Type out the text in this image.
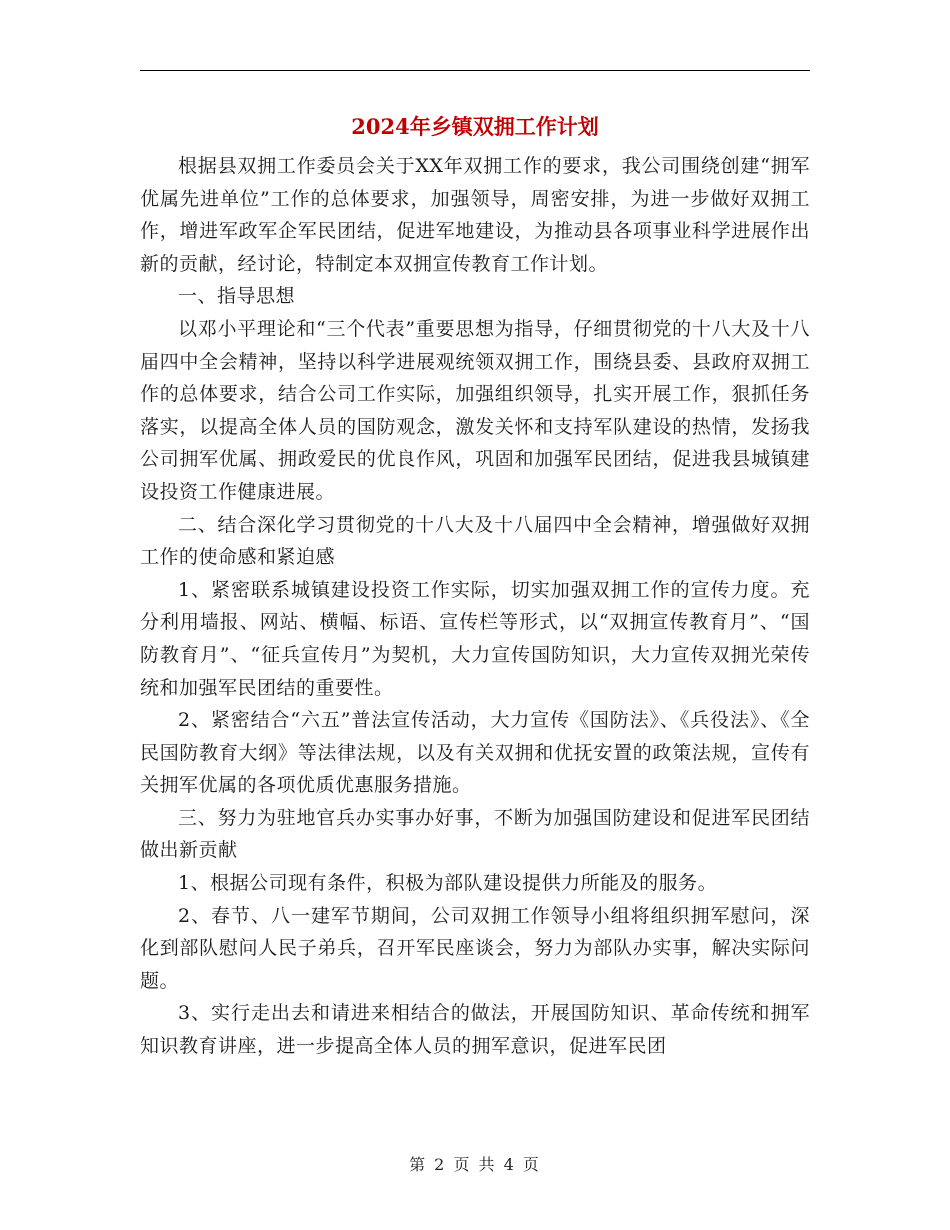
2024年乡镇双拥工作计划

根据县双拥工作委员会关于XX年双拥工作的要求，我公司围绕创建“拥军优属先进单位”工作的总体要求，加强领导，周密安排，为进一步做好双拥工作，增进军政军企军民团结，促进军地建设，为推动县各项事业科学进展作出新的贡献，经讨论，特制定本双拥宣传教育工作计划。

一、指导思想

以邓小平理论和“三个代表”重要思想为指导，仔细贯彻党的十八大及十八届四中全会精神，坚持以科学进展观统领双拥工作，围绕县委、县政府双拥工作的总体要求，结合公司工作实际，加强组织领导，扎实开展工作，狠抓任务落实，以提高全体人员的国防观念，激发关怀和支持军队建设的热情，发扬我公司拥军优属、拥政爱民的优良作风，巩固和加强军民团结，促进我县城镇建设投资工作健康进展。

二、结合深化学习贯彻党的十八大及十八届四中全会精神，增强做好双拥工作的使命感和紧迫感

1、紧密联系城镇建设投资工作实际，切实加强双拥工作的宣传力度。充分利用墙报、网站、横幅、标语、宣传栏等形式，以“双拥宣传教育月”、“国防教育月”、“征兵宣传月”为契机，大力宣传国防知识，大力宣传双拥光荣传统和加强军民团结的重要性。

2、紧密结合“六五”普法宣传活动，大力宣传《国防法》、《兵役法》、《全民国防教育大纲》等法律法规，以及有关双拥和优抚安置的政策法规，宣传有关拥军优属的各项优质优惠服务措施。

三、努力为驻地官兵办实事办好事，不断为加强国防建设和促进军民团结做出新贡献

1、根据公司现有条件，积极为部队建设提供力所能及的服务。

2、春节、八一建军节期间，公司双拥工作领导小组将组织拥军慰问，深化到部队慰问人民子弟兵，召开军民座谈会，努力为部队办实事，解决实际问题。

3、实行走出去和请进来相结合的做法，开展国防知识、革命传统和拥军知识教育讲座，进一步提高全体人员的拥军意识，促进军民团

第 2 页 共 4 页
